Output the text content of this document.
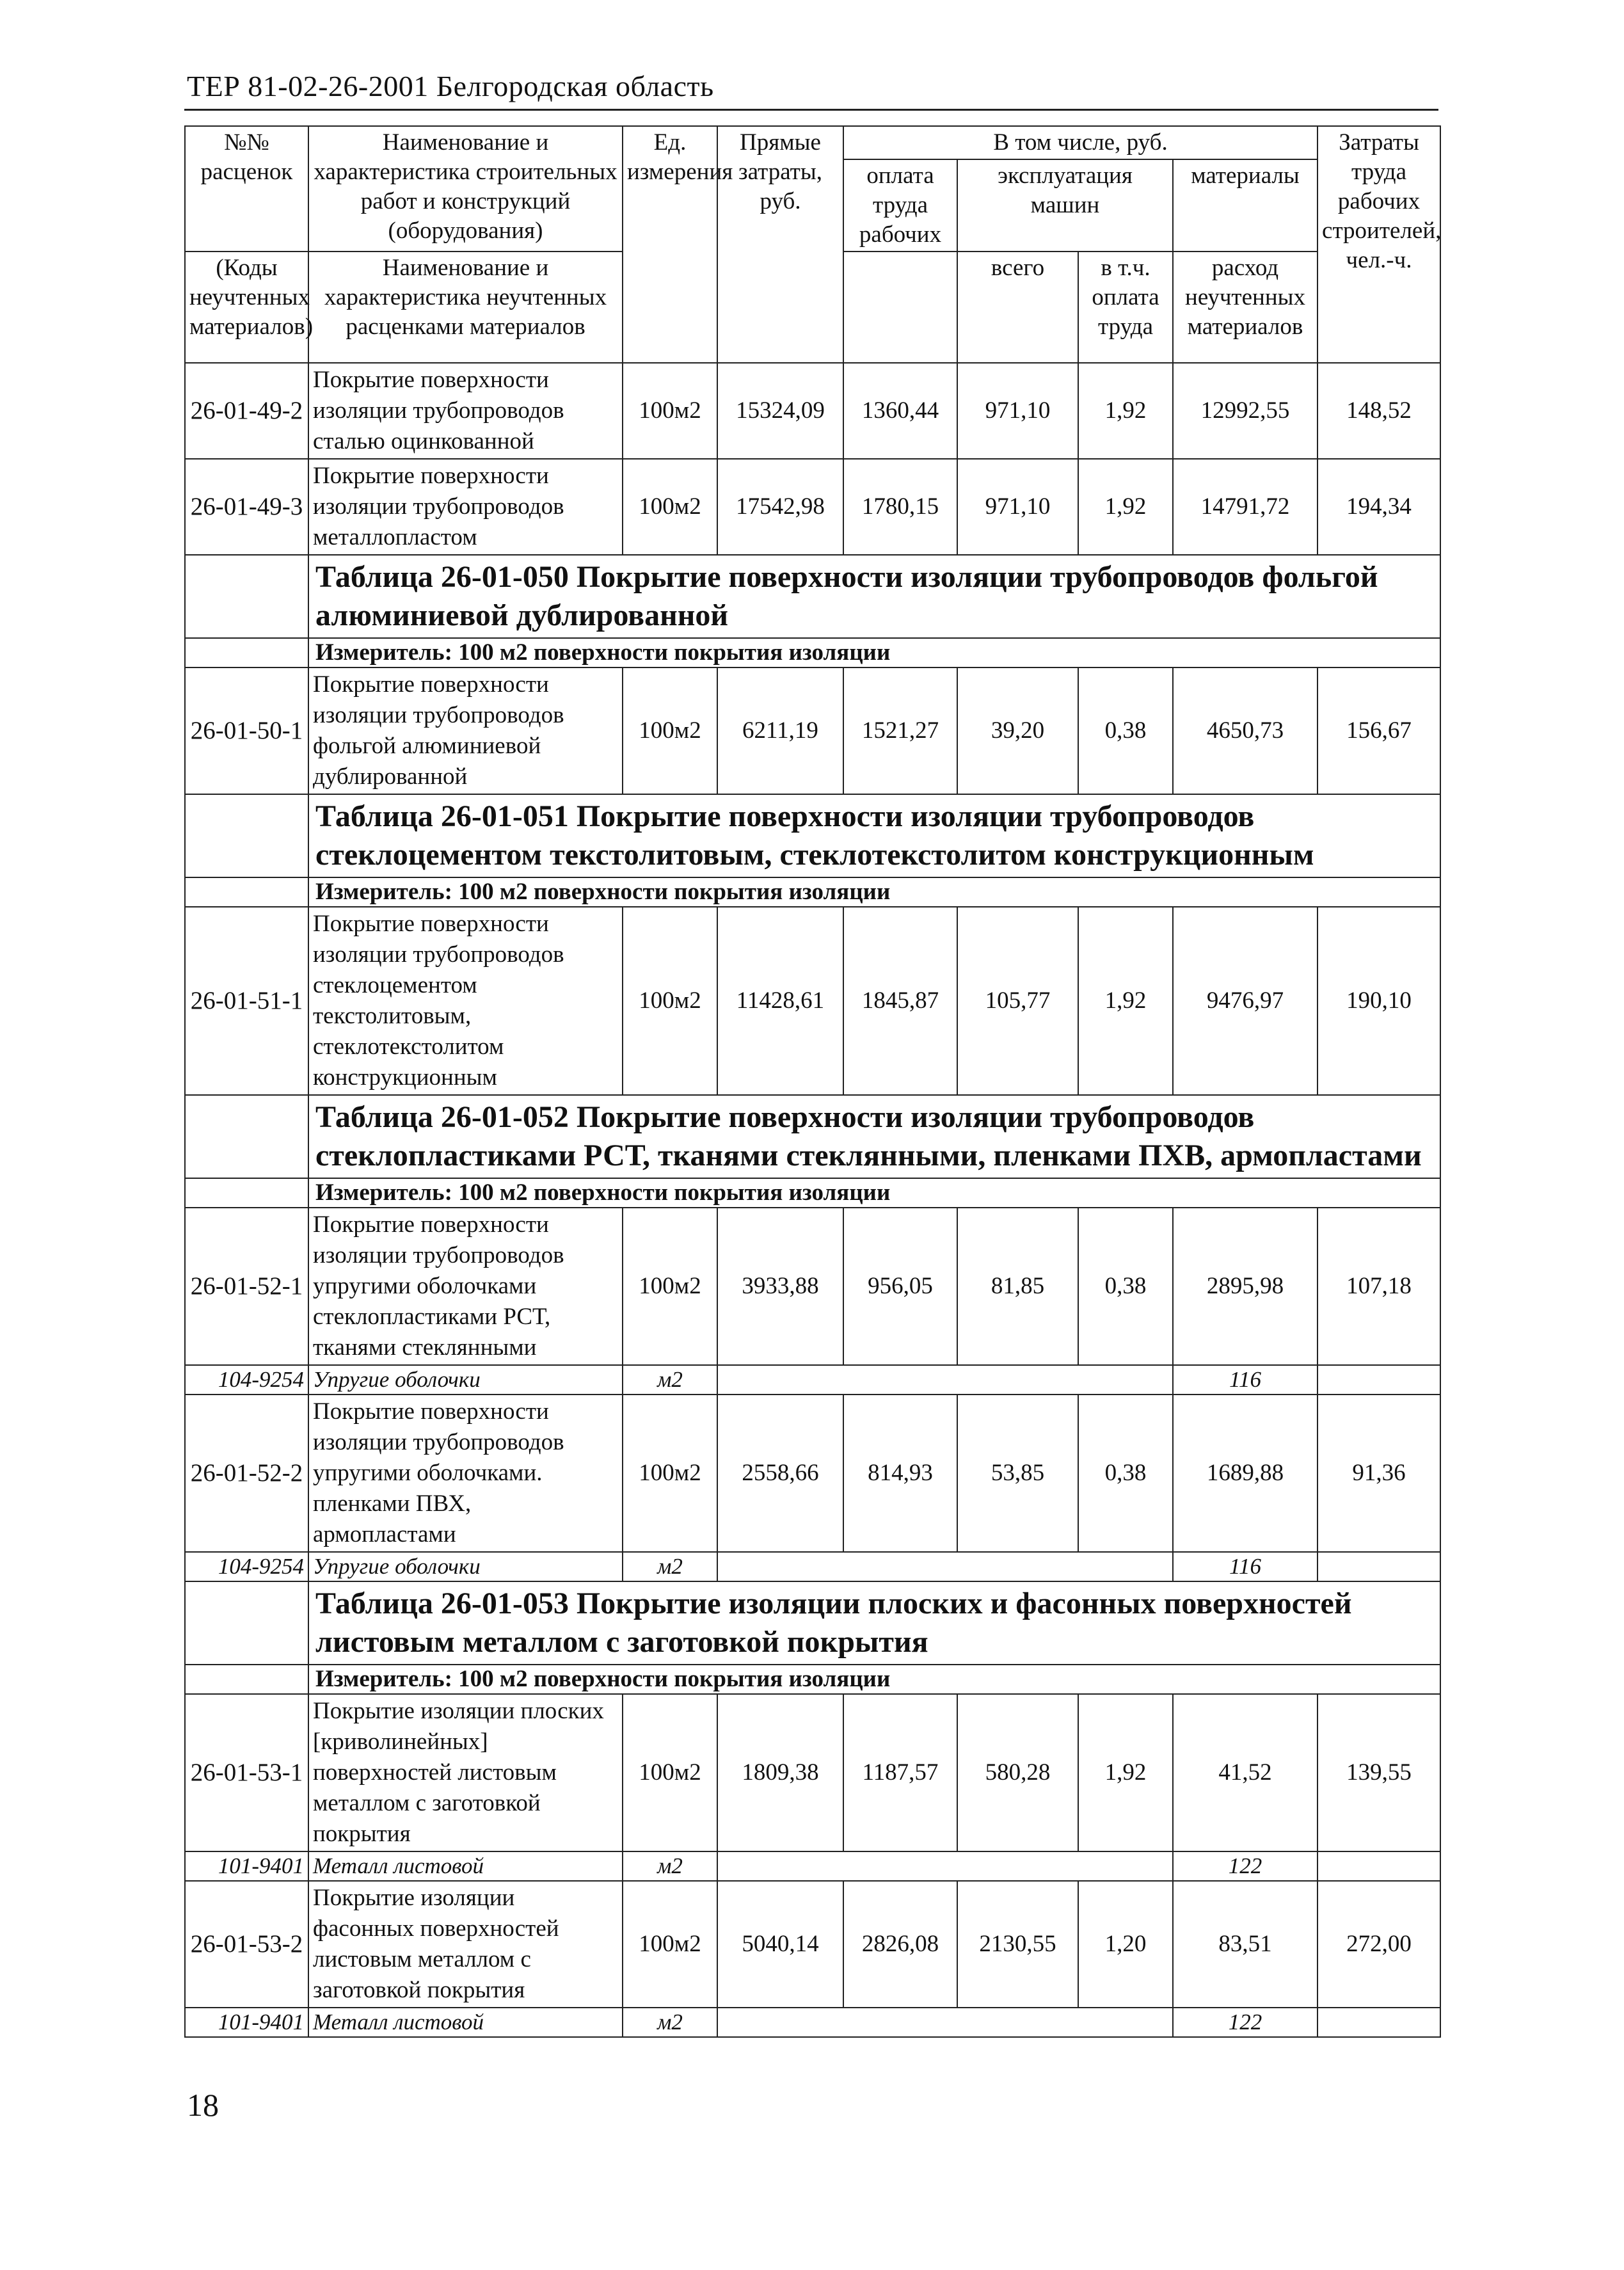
ТЕР 81-02-26-2001 Белгородская область
№№ расценок	Наименование и характеристика строительных работ и конструкций (оборудования)	Ед. измерения	Прямые затраты, руб.	В том числе, руб.				Затраты труда рабочих строителей, чел.-ч.
				оплата труда рабочих	эксплуатация машин		материалы	

(Коды неучтенных материалов)	Наименование и характеристика неучтенных расценками материалов				всего	в т.ч. оплата труда	расход неучтенных материалов	

26-01-49-2	Покрытие поверхности изоляции трубопроводов сталью оцинкованной	100м2	15324,09	1360,44	971,10	1,92	12992,55	148,52
26-01-49-3	Покрытие поверхности изоляции трубопроводов металлопластом	100м2	17542,98	1780,15	971,10	1,92	14791,72	194,34
	Таблица 26-01-050 Покрытие поверхности изоляции трубопроводов фольгой алюминиевой дублированной							
	Измеритель: 100 м2 поверхности покрытия изоляции							
26-01-50-1	Покрытие поверхности изоляции трубопроводов фольгой алюминиевой дублированной	100м2	6211,19	1521,27	39,20	0,38	4650,73	156,67
	Таблица 26-01-051 Покрытие поверхности изоляции трубопроводов стеклоцементом текстолитовым, стеклотекстолитом конструкционным							
	Измеритель: 100 м2 поверхности покрытия изоляции							
26-01-51-1	Покрытие поверхности изоляции трубопроводов стеклоцементом текстолитовым, стеклотекстолитом конструкционным	100м2	11428,61	1845,87	105,77	1,92	9476,97	190,10
	Таблица 26-01-052 Покрытие поверхности изоляции трубопроводов стеклопластиками РСТ, тканями стеклянными, пленками ПХВ, армопластами							
	Измеритель: 100 м2 поверхности покрытия изоляции							
26-01-52-1	Покрытие поверхности изоляции трубопроводов упругими оболочками стеклопластиками РСТ, тканями стеклянными	100м2	3933,88	956,05	81,85	0,38	2895,98	107,18
104-9254	Упругие оболочки	м2					116	
26-01-52-2	Покрытие поверхности изоляции трубопроводов упругими оболочками. пленками ПВХ, армопластами	100м2	2558,66	814,93	53,85	0,38	1689,88	91,36
104-9254	Упругие оболочки	м2					116	
	Таблица 26-01-053 Покрытие изоляции плоских и фасонных поверхностей листовым металлом с заготовкой покрытия							
	Измеритель: 100 м2 поверхности покрытия изоляции							
26-01-53-1	Покрытие изоляции плоских [криволинейных] поверхностей листовым металлом с заготовкой покрытия	100м2	1809,38	1187,57	580,28	1,92	41,52	139,55
101-9401	Металл листовой	м2					122	
26-01-53-2	Покрытие изоляции фасонных поверхностей листовым металлом с заготовкой покрытия	100м2	5040,14	2826,08	2130,55	1,20	83,51	272,00
101-9401	Металл листовой	м2					122	
18
